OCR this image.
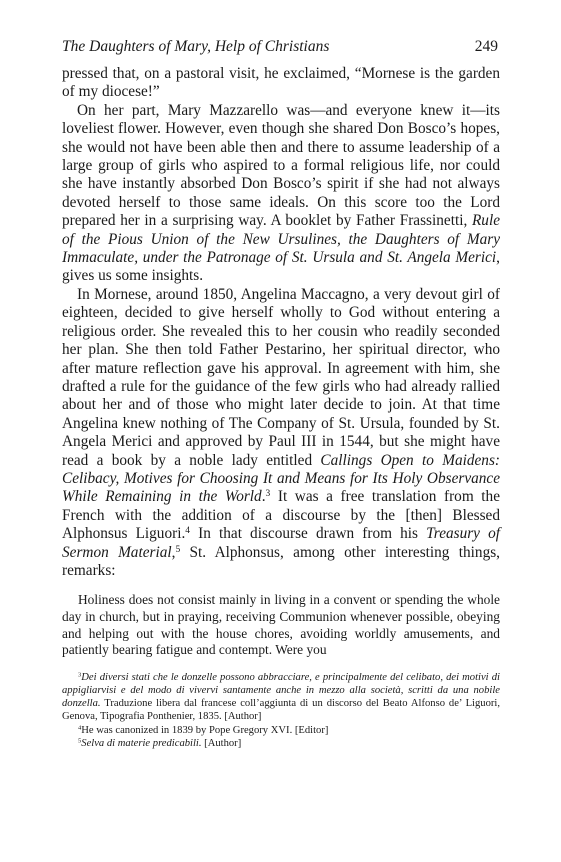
The Daughters of Mary, Help of Christians	249

pressed that, on a pastoral visit, he exclaimed, “Mornese is the garden of my diocese!”

On her part, Mary Mazzarello was—and everyone knew it—its loveliest flower. However, even though she shared Don Bosco’s hopes, she would not have been able then and there to assume leadership of a large group of girls who aspired to a formal religious life, nor could she have instantly absorbed Don Bosco’s spirit if she had not always devoted herself to those same ideals. On this score too the Lord prepared her in a surprising way. A booklet by Father Frassinetti, Rule of the Pious Union of the New Ursulines, the Daughters of Mary Immaculate, under the Patronage of St. Ursula and St. Angela Merici, gives us some insights.

In Mornese, around 1850, Angelina Maccagno, a very devout girl of eighteen, decided to give herself wholly to God without entering a religious order. She revealed this to her cousin who readily seconded her plan. She then told Father Pestarino, her spiritual director, who after mature reflection gave his approval. In agreement with him, she drafted a rule for the guidance of the few girls who had already rallied about her and of those who might later decide to join. At that time Angelina knew nothing of The Company of St. Ursula, founded by St. Angela Merici and approved by Paul III in 1544, but she might have read a book by a noble lady entitled Callings Open to Maidens: Celibacy, Motives for Choosing It and Means for Its Holy Observance While Remaining in the World.$^3$ It was a free translation from the French with the addition of a discourse by the [then] Blessed Alphonsus Liguori.$^4$ In that discourse drawn from his Treasury of Sermon Material,$^5$ St. Alphonsus, among other interesting things, remarks:

Holiness does not consist mainly in living in a convent or spending the whole day in church, but in praying, receiving Communion whenever possible, obeying and helping out with the house chores, avoiding worldly amusements, and patiently bearing fatigue and contempt. Were you

$^3$Dei diversi stati che le donzelle possono abbracciare, e principalmente del celibato, dei motivi di appigliarvisi e del modo di vivervi santamente anche in mezzo alla società, scritti da una nobile donzella. Traduzione libera dal francese coll’aggiunta di un discorso del Beato Alfonso de’ Liguori, Genova, Tipografia Ponthenier, 1835. [Author]

$^4$He was canonized in 1839 by Pope Gregory XVI. [Editor]

$^5$Selva di materie predicabili. [Author]
